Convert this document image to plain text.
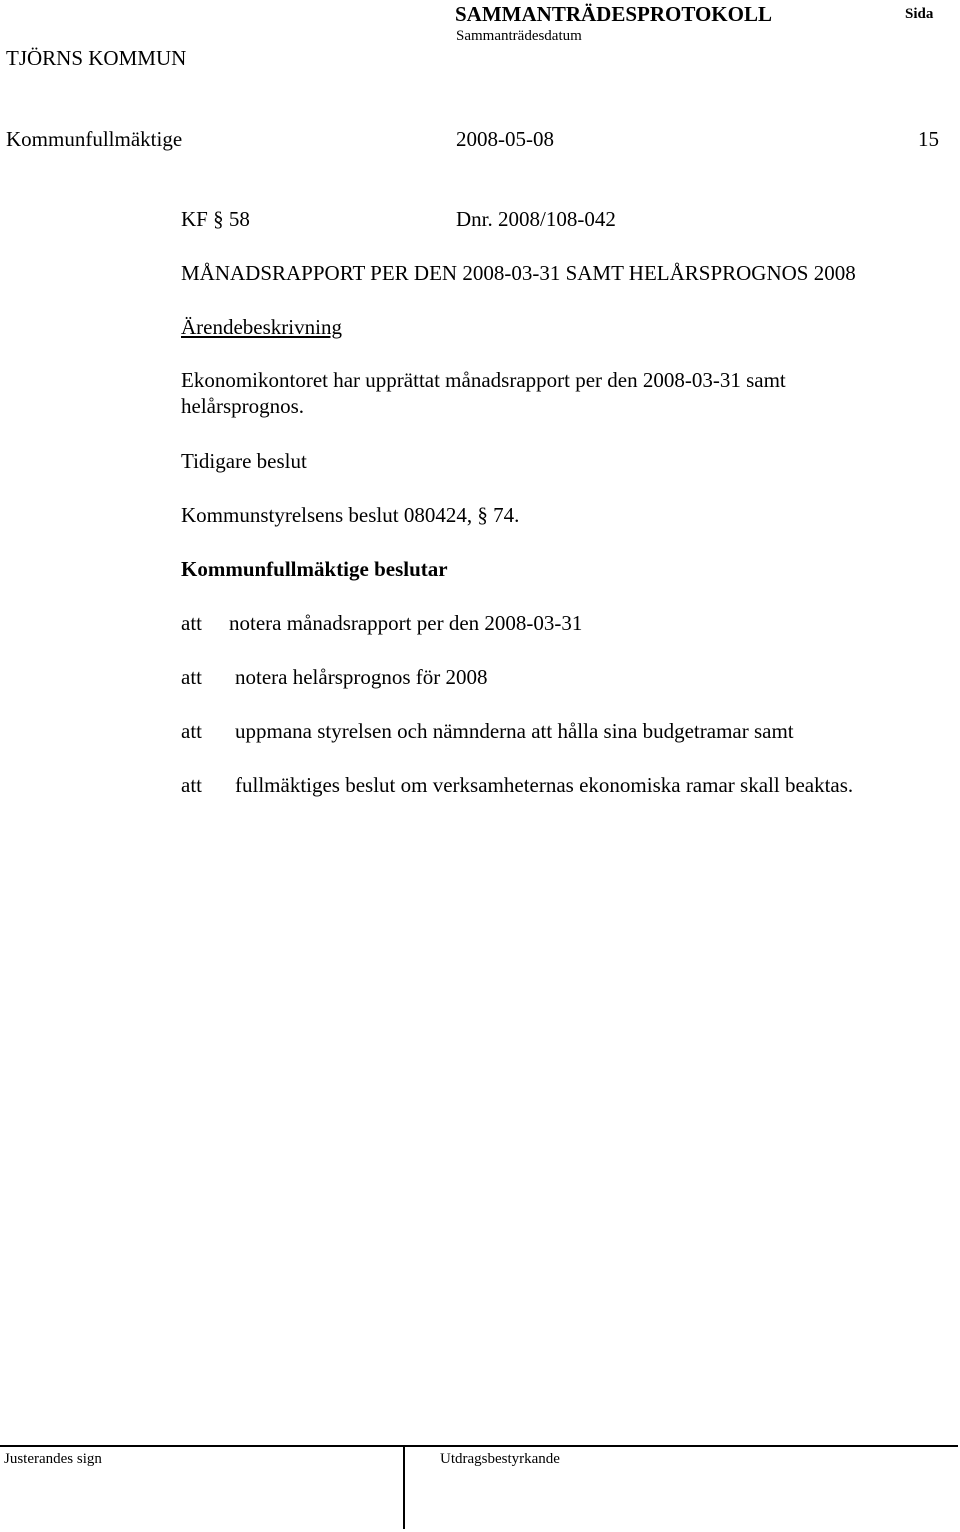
TJÖRNS KOMMUN
SAMMANTRÄDESPROTOKOLL
Sammanträdesdatum
Sida
Kommunfullmäktige	2008-05-08	15
KF § 58	Dnr. 2008/108-042
MÅNADSRAPPORT PER DEN 2008-03-31 SAMT HELÅRSPROGNOS 2008
Ärendebeskrivning
Ekonomikontoret har upprättat månadsrapport per den 2008-03-31 samt helårsprognos.
Tidigare beslut
Kommunstyrelsens beslut 080424, § 74.
Kommunfullmäktige beslutar
att notera månadsrapport per den 2008-03-31
att notera helårsprognos för 2008
att uppmana styrelsen och nämnderna att hålla sina budgetramar samt
att fullmäktiges beslut om verksamheternas ekonomiska ramar skall beaktas.
Justerandes sign	Utdragsbestyrkande
